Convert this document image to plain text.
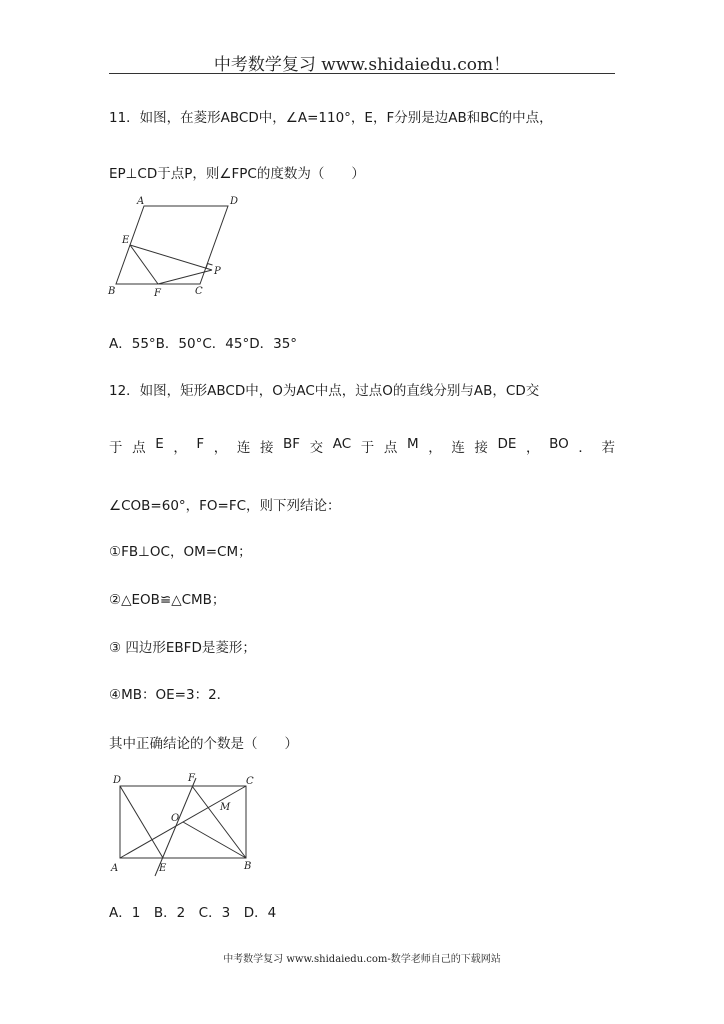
中考数学复习 www.shidaiedu.com！
11．如图，在菱形ABCD中，∠A=110°，E，F分别是边AB和BC的中点，
EP⊥CD于点P，则∠FPC的度数为（　　）
A	D
E
P
B	F	C
A．55°B．50°C．45°D．35°
12．如图，矩形ABCD中，O为AC中点，过点O的直线分别与AB，CD交
于 点 E ， F ， 连 接 BF 交 AC 于 点 M ， 连 接 DE ， BO ． 若
∠COB=60°，FO=FC，则下列结论：
①FB⊥OC，OM=CM；
②△EOB≌△CMB；
③ 四边形EBFD是菱形；
④MB：OE=3：2．
其中正确结论的个数是（　　）
D	F	C
M
O
A	E	B
A．1　B．2　C．3　D．4
中考数学复习 www.shidaiedu.com-数学老师自己的下载网站
